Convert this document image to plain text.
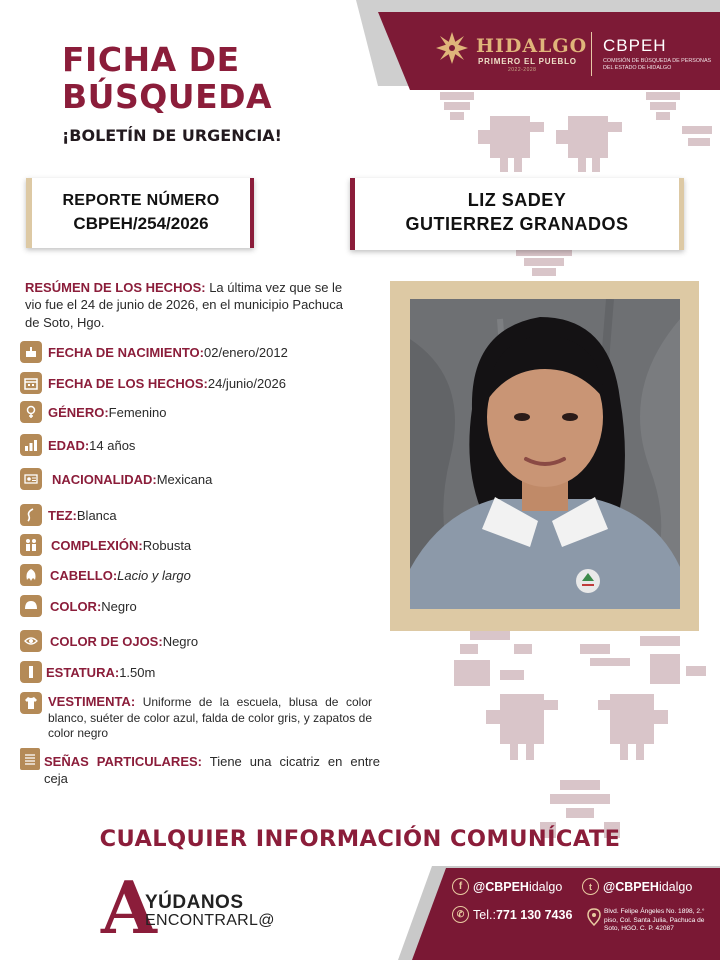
FICHA DE BÚSQUEDA
¡BOLETÍN DE URGENCIA!
HIDALGO
PRIMERO EL PUEBLO
2022-2028
CBPEH
COMISIÓN DE BÚSQUEDA DE PERSONAS DEL ESTADO DE HIDALGO
REPORTE NÚMERO
CBPEH/254/2026
LIZ SADEY
GUTIERREZ GRANADOS
RESÚMEN DE LOS HECHOS: La última vez que se le vio fue el 24 de junio de 2026, en el municipio Pachuca de Soto, Hgo.
FECHA DE NACIMIENTO: 02/enero/2012
FECHA DE LOS HECHOS: 24/junio/2026
GÉNERO: Femenino
EDAD: 14 años
NACIONALIDAD: Mexicana
TEZ: Blanca
COMPLEXIÓN: Robusta
CABELLO: Lacio y largo
COLOR: Negro
COLOR DE OJOS: Negro
ESTATURA: 1.50m
VESTIMENTA: Uniforme de la escuela, blusa de color blanco, suéter de color azul, falda de color gris, y zapatos de color negro
SEÑAS PARTICULARES: Tiene una cicatriz en entre ceja
CUALQUIER INFORMACIÓN COMUNÍCATE
A
YÚDANOS
ENCONTRARL@
f @CBPEH idalgo	t @CBPEH idalgo
✆ Tel.: 771 130 7436	Blvd. Felipe Ángeles No. 1898, 2.° piso, Col. Santa Julia, Pachuca de Soto, HGO. C. P. 42087
